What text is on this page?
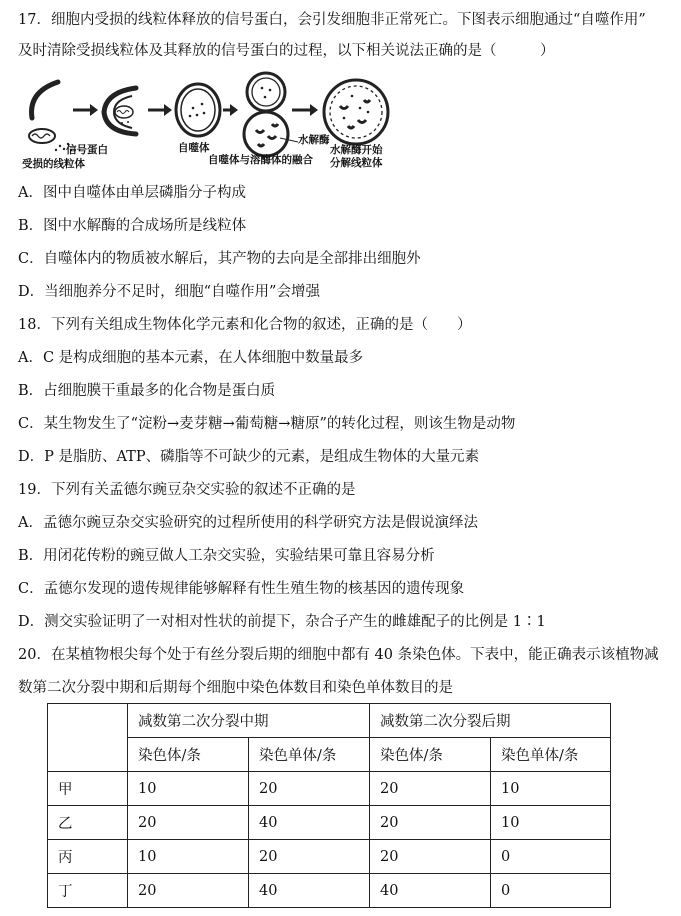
17．细胞内受损的线粒体释放的信号蛋白，会引发细胞非正常死亡。下图表示细胞通过“自噬作用”
及时清除受损线粒体及其释放的信号蛋白的过程，以下相关说法正确的是（　　　）
信号蛋白
受损的线粒体
自噬体
水解酶
自噬体与溶酶体的融合
水解酶开始
分解线粒体
A．图中自噬体由单层磷脂分子构成
B．图中水解酶的合成场所是线粒体
C．自噬体内的物质被水解后，其产物的去向是全部排出细胞外
D．当细胞养分不足时，细胞“自噬作用”会增强
18．下列有关组成生物体化学元素和化合物的叙述，正确的是（　　）
A．C 是构成细胞的基本元素，在人体细胞中数量最多
B．占细胞膜干重最多的化合物是蛋白质
C．某生物发生了“淀粉→麦芽糖→葡萄糖→糖原”的转化过程，则该生物是动物
D．P 是脂肪、ATP、磷脂等不可缺少的元素，是组成生物体的大量元素
19．下列有关孟德尔豌豆杂交实验的叙述不正确的是
A．孟德尔豌豆杂交实验研究的过程所使用的科学研究方法是假说演绎法
B．用闭花传粉的豌豆做人工杂交实验，实验结果可靠且容易分析
C．孟德尔发现的遗传规律能够解释有性生殖生物的核基因的遗传现象
D．测交实验证明了一对相对性状的前提下，杂合子产生的雌雄配子的比例是 1∶1
20．在某植物根尖每个处于有丝分裂后期的细胞中都有 40 条染色体。下表中，能正确表示该植物减
数第二次分裂中期和后期每个细胞中染色体数目和染色单体数目的是
	减数第二次分裂中期		减数第二次分裂后期	
	染色体/条	染色单体/条	染色体/条	染色单体/条
甲	10	20	20	10
乙	20	40	20	10
丙	10	20	20	0
丁	20	40	40	0
